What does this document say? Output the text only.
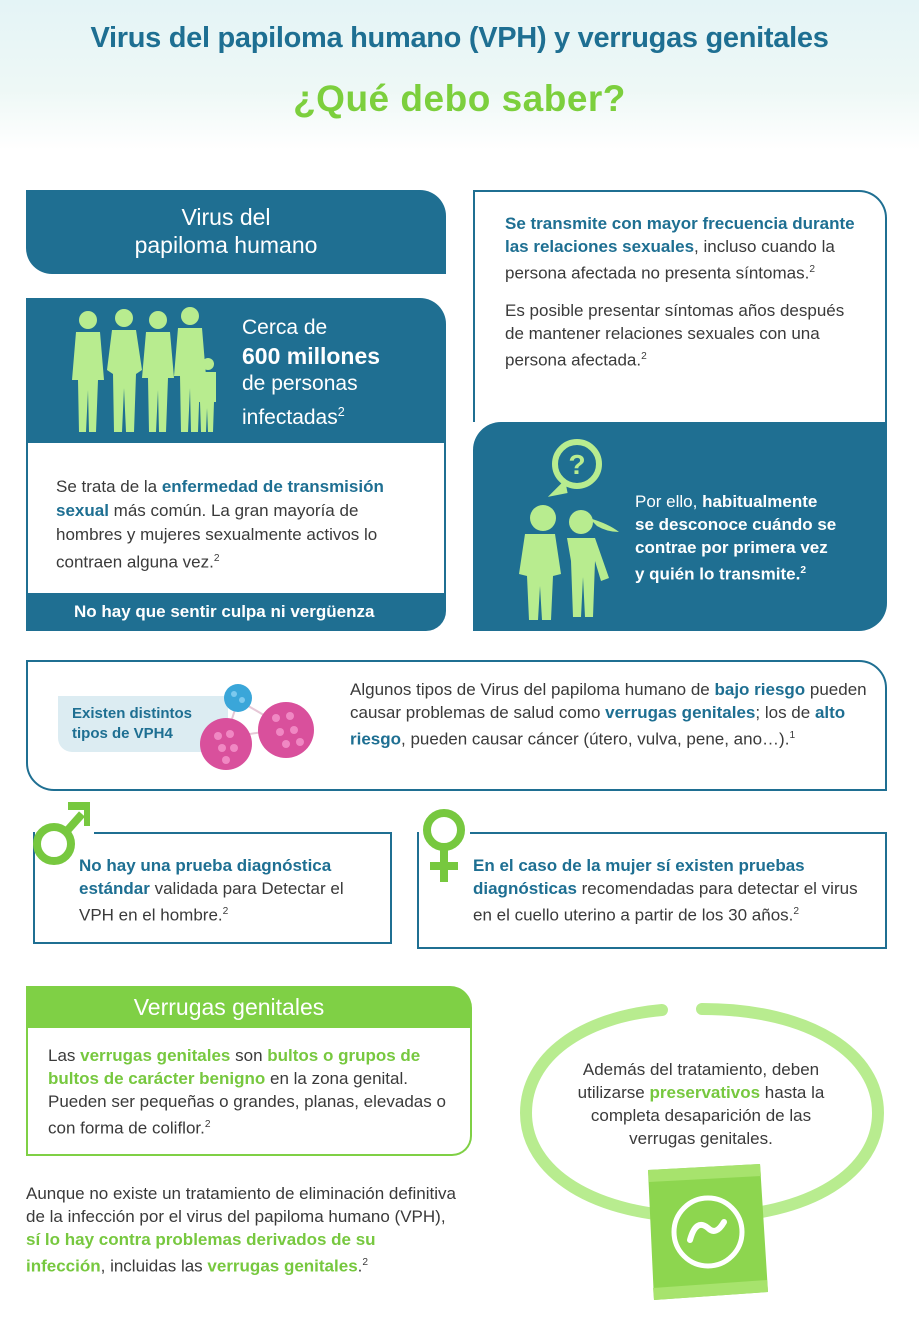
Virus del papiloma humano (VPH) y verrugas genitales
¿Qué debo saber?
Virus del
papiloma humano
Cerca de
600 millones
de personas
infectadas$^2$
Se trata de la enfermedad de transmisión sexual más común. La gran mayoría de hombres y mujeres sexualmente activos lo contraen alguna vez.$^2$
No hay que sentir culpa ni vergüenza

Se transmite con mayor frecuencia durante las relaciones sexuales, incluso cuando la persona afectada no presenta síntomas.$^2$

Es posible presentar síntomas años después de mantener relaciones sexuales con una persona afectada.$^2$

?
Por ello, habitualmente
se desconoce cuándo se
contrae por primera vez
y quién lo transmite.$^2$
Existen distintos
tipos de VPH4
Algunos tipos de Virus del papiloma humano de bajo riesgo pueden causar problemas de salud como verrugas genitales; los de alto riesgo, pueden causar cáncer (útero, vulva, pene, ano…).$^1$
No hay una prueba diagnóstica estándar validada para Detectar el VPH en el hombre.$^2$
En el caso de la mujer sí existen pruebas diagnósticas recomendadas para detectar el virus en el cuello uterino a partir de los 30 años.$^2$
Verrugas genitales
Las verrugas genitales son bultos o grupos de bultos de carácter benigno en la zona genital. Pueden ser pequeñas o grandes, planas, elevadas o con forma de coliflor.$^2$
Aunque no existe un tratamiento de eliminación definitiva de la infección por el virus del papiloma humano (VPH), sí lo hay contra problemas derivados de su infección, incluidas las verrugas genitales.$^2$
Además del tratamiento, deben utilizarse preservativos hasta la completa desaparición de las verrugas genitales.
